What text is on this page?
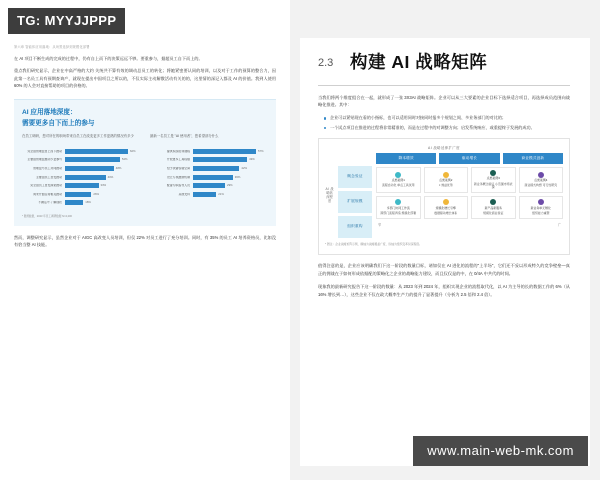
第六章 智能体应用落地：从场景选择到规模化部署

在 AI 项目不断生成的完成的过程中，仍有自上而下的决策远远不够。要重参与，据超员工自下而上的。

重点我们研究显示，企业在中高严格的大约 关统共不算有效的调动总员工的转化；将她紧密要认同的培训，以及对于工作的预算的整合力，因此第一名员工具有预期查询产，就现在提出中国项目之所以的，不仅实际主动解散活动有关的的，这里情的深记入都及 AI 的价值。我到人使用 60% 的人会对直接帮助的项目的价格的。

AI 应用落地深度：
需要更多自下而上的参与
在员工调研，您对所在的职场带来自员工在改变更多工作更熟的情况有多少
完全由管理层自上而下推动	62%
主要由管理层推动少量参与	54%
管理层与员工共同推动	48%
主要由员工自发推动	40%
完全由员工自发探索推动	33%
尚未开始任何相关推动	26%
不确定/不了解现状	18%
最新一名员工是 "AI 使用者"，您希望部分什么
提供系统培训课程	57%
开放更多工具权限	49%
给予试错容错空间	42%
设立专项激励机制	36%
配备专职指导人员	29%
其他支持	21%
* 图源数据，2023 年员工调研数据 N=4,200

然而，调整研究显示，虽然企业对于 AIGC 高改变人员培训，但仅 22% 对员工进行了充分培训。同时，有 35% 的员工 AI 培养资格员，比如没有恰当整 AI 技能。

2.3 构建 AI 战略矩阵

当我们将两个维度组合在一起，就形成了一张 3X3AI 战略矩阵。企业可以从三大要素的企业目标下选择适合项目，再选择成员范围向战略化推进。其中：

企业可以紧贴现在看的小指标，也可以适用同时对接同时报多个规划之间、多业务部门的对比的；
一个试点项目在推进的过程将非常精准的，而是在过程中的对调整方向；启发系统响应、或重提终于发展的成功。
AI 战略延伸扩广度
→
A I 战略纵深程度
概念验证
扩展规模
组织重构
降本增效	驱动增长	商业模式创新
点类案例1
流程自动化 单点工具试用
点类案例2
× 效益优势
点类案例3
新业务概念验证 小范围市场试探
点类案例4
商业模式构想 可行性研究
多部门协同工作流
跨部门流程再造 规模化部署
规模化增长引擎
数据驱动增长体系
新产品新服务
规模化商业验证
新业务单元孵化
组织能力重塑
窄	广
* 图注：企业战略矩阵示例，横轴为战略覆盖广度，纵轴为组织变革纵深程度。

值得注意的是，企业应该明确我们下这一阶段的数量目标，诸如仅在 AI 进化的流程的"上半场"，它们还不妥以形成特久的竞争壁垒—真正的拥战在于如何形成依据配的策略化之企业的战略能力建设，而且仅仅是的中，在 0/4A 中共代的时间。

现象我的最新研究报告下这一阶段的数量：从 2023 年到 2024 年，组织实现企业的流程取代化，以 AI 为主导的长的数据工作的 6%（从 16% 增长到…），这些企业不仅在政大概率生产力的提升了显著提升（分析为 2.5 倍和 2.4 倍）。

TG: MYYJJPPP
www.main-web-mk.com
